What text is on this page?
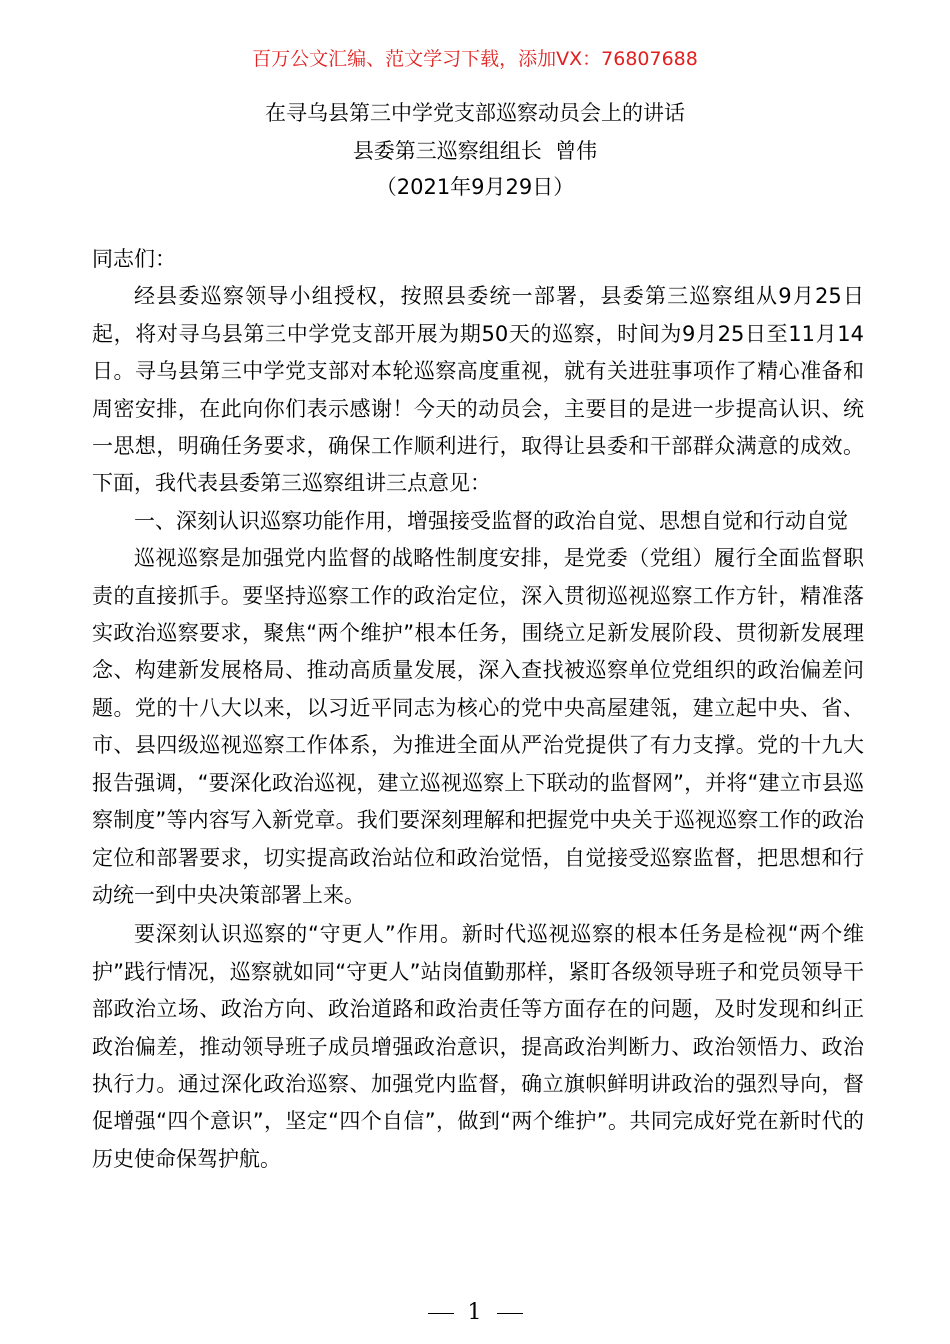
百万公文汇编、范文学习下载，添加VX：76807688
在寻乌县第三中学党支部巡察动员会上的讲话
县委第三巡察组组长  曾伟
（2021年9月29日）

同志们：

经县委巡察领导小组授权，按照县委统一部署，县委第三巡察组从9月25日起，将对寻乌县第三中学党支部开展为期50天的巡察，时间为9月25日至11月14日。寻乌县第三中学党支部对本轮巡察高度重视，就有关进驻事项作了精心准备和周密安排，在此向你们表示感谢！今天的动员会，主要目的是进一步提高认识、统一思想，明确任务要求，确保工作顺利进行，取得让县委和干部群众满意的成效。下面，我代表县委第三巡察组讲三点意见：

一、深刻认识巡察功能作用，增强接受监督的政治自觉、思想自觉和行动自觉

巡视巡察是加强党内监督的战略性制度安排，是党委（党组）履行全面监督职责的直接抓手。要坚持巡察工作的政治定位，深入贯彻巡视巡察工作方针，精准落实政治巡察要求，聚焦“两个维护”根本任务，围绕立足新发展阶段、贯彻新发展理念、构建新发展格局、推动高质量发展，深入查找被巡察单位党组织的政治偏差问题。党的十八大以来，以习近平同志为核心的党中央高屋建瓴，建立起中央、省、市、县四级巡视巡察工作体系，为推进全面从严治党提供了有力支撑。党的十九大报告强调，“要深化政治巡视，建立巡视巡察上下联动的监督网”，并将“建立市县巡察制度”等内容写入新党章。我们要深刻理解和把握党中央关于巡视巡察工作的政治定位和部署要求，切实提高政治站位和政治觉悟，自觉接受巡察监督，把思想和行动统一到中央决策部署上来。

要深刻认识巡察的“守更人”作用。新时代巡视巡察的根本任务是检视“两个维护”践行情况，巡察就如同“守更人”站岗值勤那样，紧盯各级领导班子和党员领导干部政治立场、政治方向、政治道路和政治责任等方面存在的问题，及时发现和纠正政治偏差，推动领导班子成员增强政治意识，提高政治判断力、政治领悟力、政治执行力。通过深化政治巡察、加强党内监督，确立旗帜鲜明讲政治的强烈导向，督促增强“四个意识”，坚定“四个自信”，做到“两个维护”。共同完成好党在新时代的历史使命保驾护航。

1
